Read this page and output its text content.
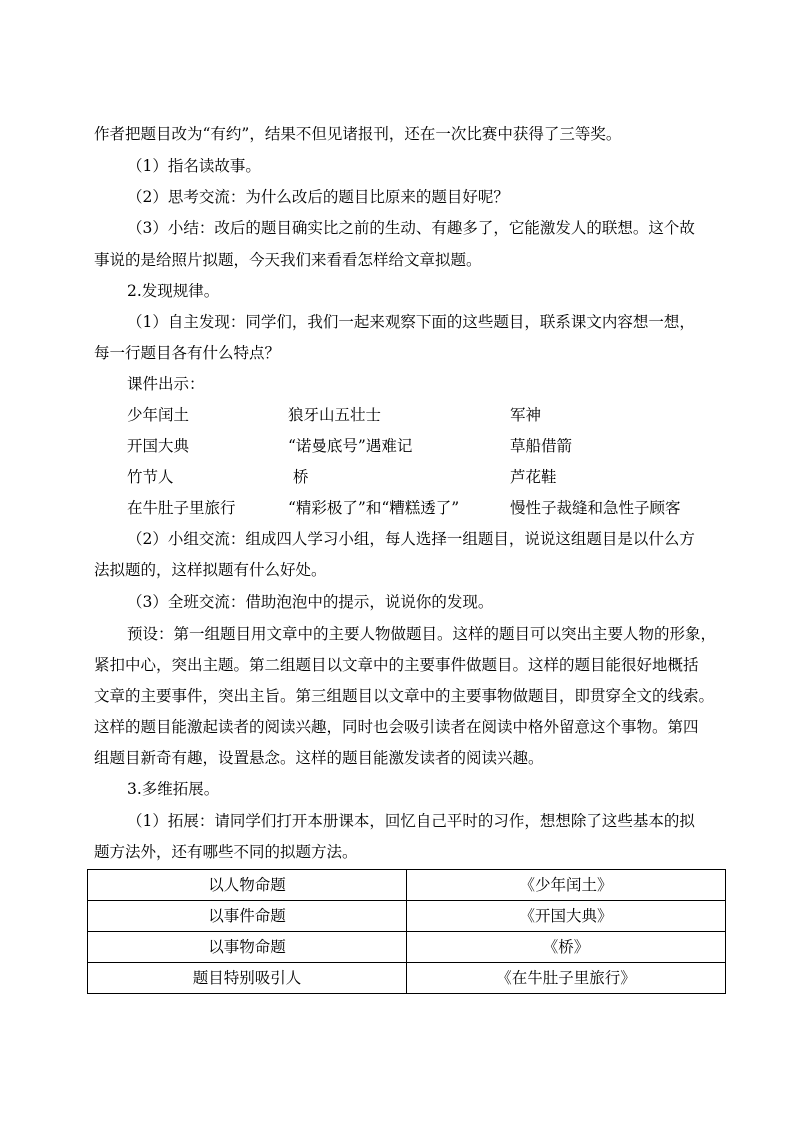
作者把题目改为“有约”，结果不但见诸报刊，还在一次比赛中获得了三等奖。
（1）指名读故事。
（2）思考交流：为什么改后的题目比原来的题目好呢？
（3）小结：改后的题目确实比之前的生动、有趣多了，它能激发人的联想。这个故
事说的是给照片拟题，今天我们来看看怎样给文章拟题。
2.发现规律。
（1）自主发现：同学们，我们一起来观察下面的这些题目，联系课文内容想一想，
每一行题目各有什么特点？
课件出示：
少年闰土	狼牙山五壮士	军神
开国大典	“诺曼底号”遇难记	草船借箭
竹节人	桥	芦花鞋
在牛肚子里旅行	“精彩极了”和“糟糕透了”	慢性子裁缝和急性子顾客
（2）小组交流：组成四人学习小组，每人选择一组题目，说说这组题目是以什么方
法拟题的，这样拟题有什么好处。
（3）全班交流：借助泡泡中的提示，说说你的发现。
预设：第一组题目用文章中的主要人物做题目。这样的题目可以突出主要人物的形象，
紧扣中心，突出主题。第二组题目以文章中的主要事件做题目。这样的题目能很好地概括
文章的主要事件，突出主旨。第三组题目以文章中的主要事物做题目，即贯穿全文的线索。
这样的题目能激起读者的阅读兴趣，同时也会吸引读者在阅读中格外留意这个事物。第四
组题目新奇有趣，设置悬念。这样的题目能激发读者的阅读兴趣。
3.多维拓展。
（1）拓展：请同学们打开本册课本，回忆自己平时的习作，想想除了这些基本的拟
题方法外，还有哪些不同的拟题方法。
以人物命题	《少年闰土》
以事件命题	《开国大典》
以事物命题	《桥》
题目特别吸引人	《在牛肚子里旅行》
